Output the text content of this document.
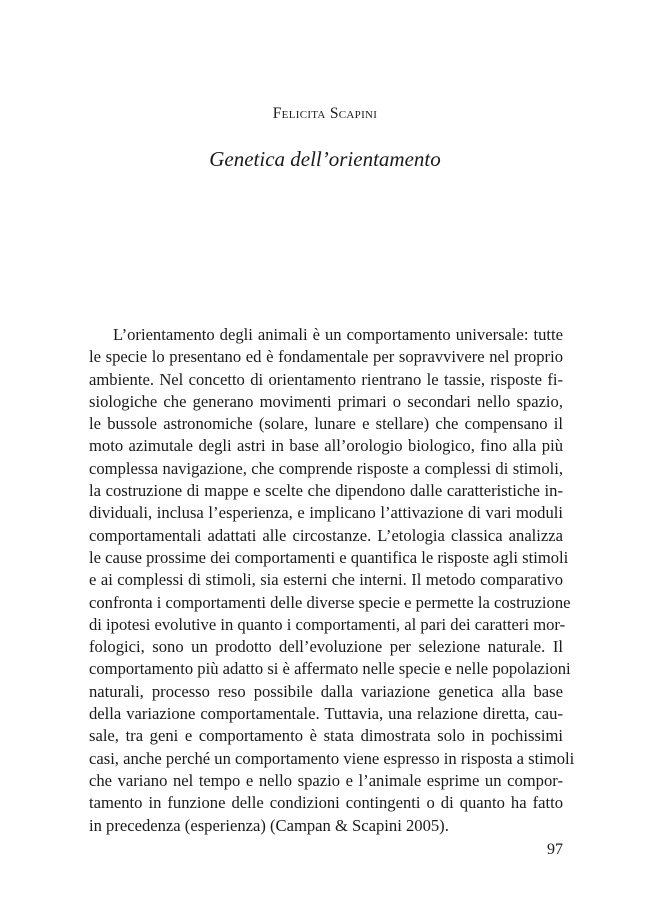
Felicita Scapini
Genetica dell’orientamento
L’orientamento degli animali è un comportamento universale: tutte
le specie lo presentano ed è fondamentale per sopravvivere nel proprio
ambiente. Nel concetto di orientamento rientrano le tassie, risposte fi-
siologiche che generano movimenti primari o secondari nello spazio,
le bussole astronomiche (solare, lunare e stellare) che compensano il
moto azimutale degli astri in base all’orologio biologico, fino alla più
complessa navigazione, che comprende risposte a complessi di stimoli,
la costruzione di mappe e scelte che dipendono dalle caratteristiche in-
dividuali, inclusa l’esperienza, e implicano l’attivazione di vari moduli
comportamentali adattati alle circostanze. L’etologia classica analizza
le cause prossime dei comportamenti e quantifica le risposte agli stimoli
e ai complessi di stimoli, sia esterni che interni. Il metodo comparativo
confronta i comportamenti delle diverse specie e permette la costruzione
di ipotesi evolutive in quanto i comportamenti, al pari dei caratteri mor-
fologici, sono un prodotto dell’evoluzione per selezione naturale. Il
comportamento più adatto si è affermato nelle specie e nelle popolazioni
naturali, processo reso possibile dalla variazione genetica alla base
della variazione comportamentale. Tuttavia, una relazione diretta, cau-
sale, tra geni e comportamento è stata dimostrata solo in pochissimi
casi, anche perché un comportamento viene espresso in risposta a stimoli
che variano nel tempo e nello spazio e l’animale esprime un compor-
tamento in funzione delle condizioni contingenti o di quanto ha fatto
in precedenza (esperienza) (Campan & Scapini 2005).
97
